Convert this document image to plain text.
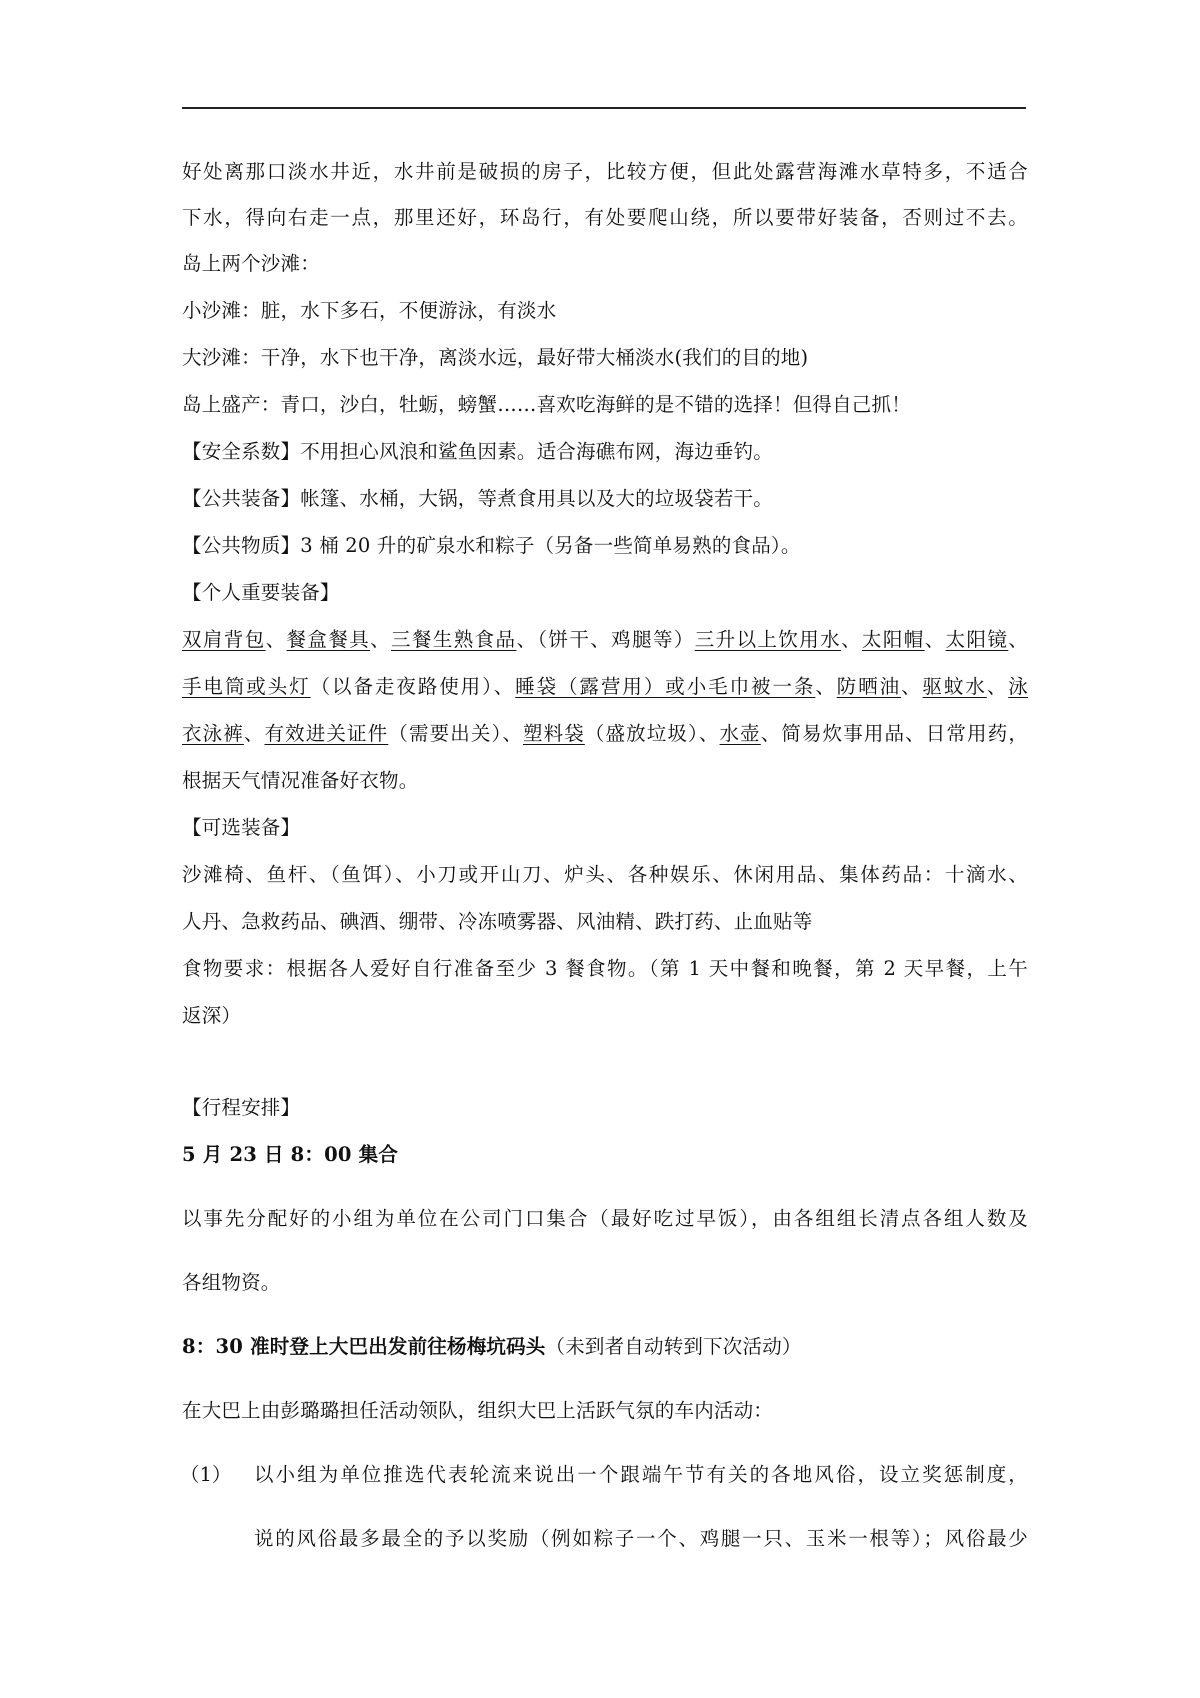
好处离那口淡水井近，水井前是破损的房子，比较方便，但此处露营海滩水草特多，不适合
下水，得向右走一点，那里还好，环岛行，有处要爬山绕，所以要带好装备，否则过不去。
岛上两个沙滩：
小沙滩：脏，水下多石，不便游泳，有淡水
大沙滩：干净，水下也干净，离淡水远，最好带大桶淡水(我们的目的地)
岛上盛产：青口，沙白，牡蛎，螃蟹……喜欢吃海鲜的是不错的选择！但得自己抓！
【安全系数】不用担心风浪和鲨鱼因素。适合海礁布网，海边垂钓。
【公共装备】帐篷、水桶，大锅，等煮食用具以及大的垃圾袋若干。
【公共物质】3 桶 20 升的矿泉水和粽子（另备一些简单易熟的食品）。
【个人重要装备】
双肩背包、餐盒餐具、三餐生熟食品、（饼干、鸡腿等）三升以上饮用水、太阳帽、太阳镜、
手电筒或头灯（以备走夜路使用）、睡袋（露营用）或小毛巾被一条、防晒油、驱蚊水、泳
衣泳裤、有效进关证件（需要出关）、塑料袋（盛放垃圾）、水壶、简易炊事用品、日常用药，
根据天气情况准备好衣物。
【可选装备】
沙滩椅、鱼杆、（鱼饵）、小刀或开山刀、炉头、各种娱乐、休闲用品、集体药品：十滴水、
人丹、急救药品、碘酒、绷带、冷冻喷雾器、风油精、跌打药、止血贴等
食物要求：根据各人爱好自行准备至少 3 餐食物。（第 1 天中餐和晚餐，第 2 天早餐，上午
返深）
【行程安排】
5 月 23 日 8：00 集合
以事先分配好的小组为单位在公司门口集合（最好吃过早饭），由各组组长清点各组人数及
各组物资。
8：30 准时登上大巴出发前往杨梅坑码头（未到者自动转到下次活动）
在大巴上由彭璐璐担任活动领队，组织大巴上活跃气氛的车内活动：
（1） 以小组为单位推选代表轮流来说出一个跟端午节有关的各地风俗，设立奖惩制度，
说的风俗最多最全的予以奖励（例如粽子一个、鸡腿一只、玉米一根等）；风俗最少
